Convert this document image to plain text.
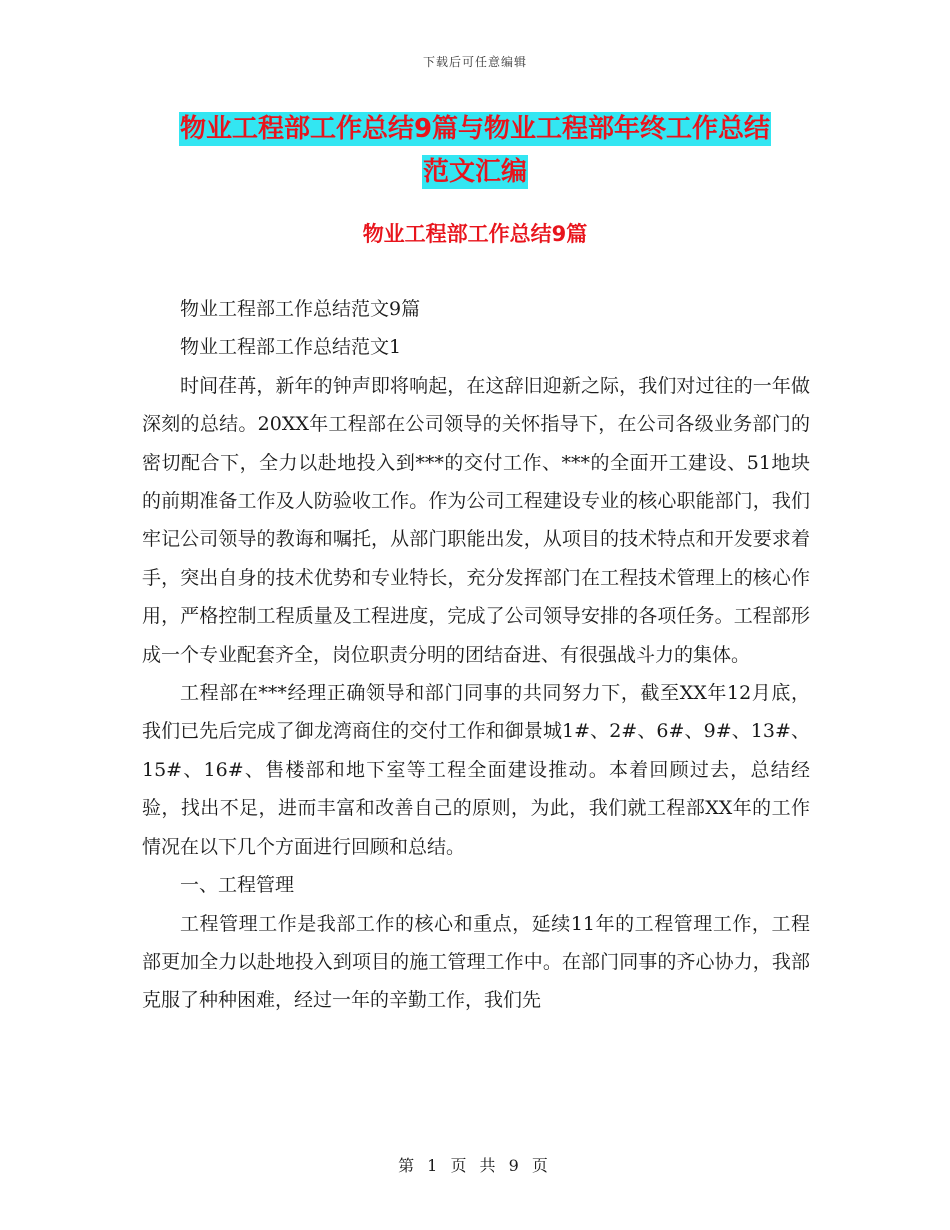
下载后可任意编辑
物业工程部工作总结9篇与物业工程部年终工作总结
范文汇编
物业工程部工作总结9篇

物业工程部工作总结范文9篇

物业工程部工作总结范文1

时间荏苒，新年的钟声即将响起，在这辞旧迎新之际，我们对过往的一年做深刻的总结。20XX年工程部在公司领导的关怀指导下，在公司各级业务部门的密切配合下，全力以赴地投入到***的交付工作、***的全面开工建设、51地块的前期准备工作及人防验收工作。作为公司工程建设专业的核心职能部门，我们牢记公司领导的教诲和嘱托，从部门职能出发，从项目的技术特点和开发要求着手，突出自身的技术优势和专业特长，充分发挥部门在工程技术管理上的核心作用，严格控制工程质量及工程进度，完成了公司领导安排的各项任务。工程部形成一个专业配套齐全，岗位职责分明的团结奋进、有很强战斗力的集体。

工程部在***经理正确领导和部门同事的共同努力下，截至XX年12月底，我们已先后完成了御龙湾商住的交付工作和御景城1#、2#、6#、9#、13#、15#、16#、售楼部和地下室等工程全面建设推动。本着回顾过去，总结经验，找出不足，进而丰富和改善自己的原则，为此，我们就工程部XX年的工作情况在以下几个方面进行回顾和总结。

一、工程管理

工程管理工作是我部工作的核心和重点，延续11年的工程管理工作，工程部更加全力以赴地投入到项目的施工管理工作中。在部门同事的齐心协力，我部克服了种种困难，经过一年的辛勤工作，我们先

第 1 页 共 9 页
